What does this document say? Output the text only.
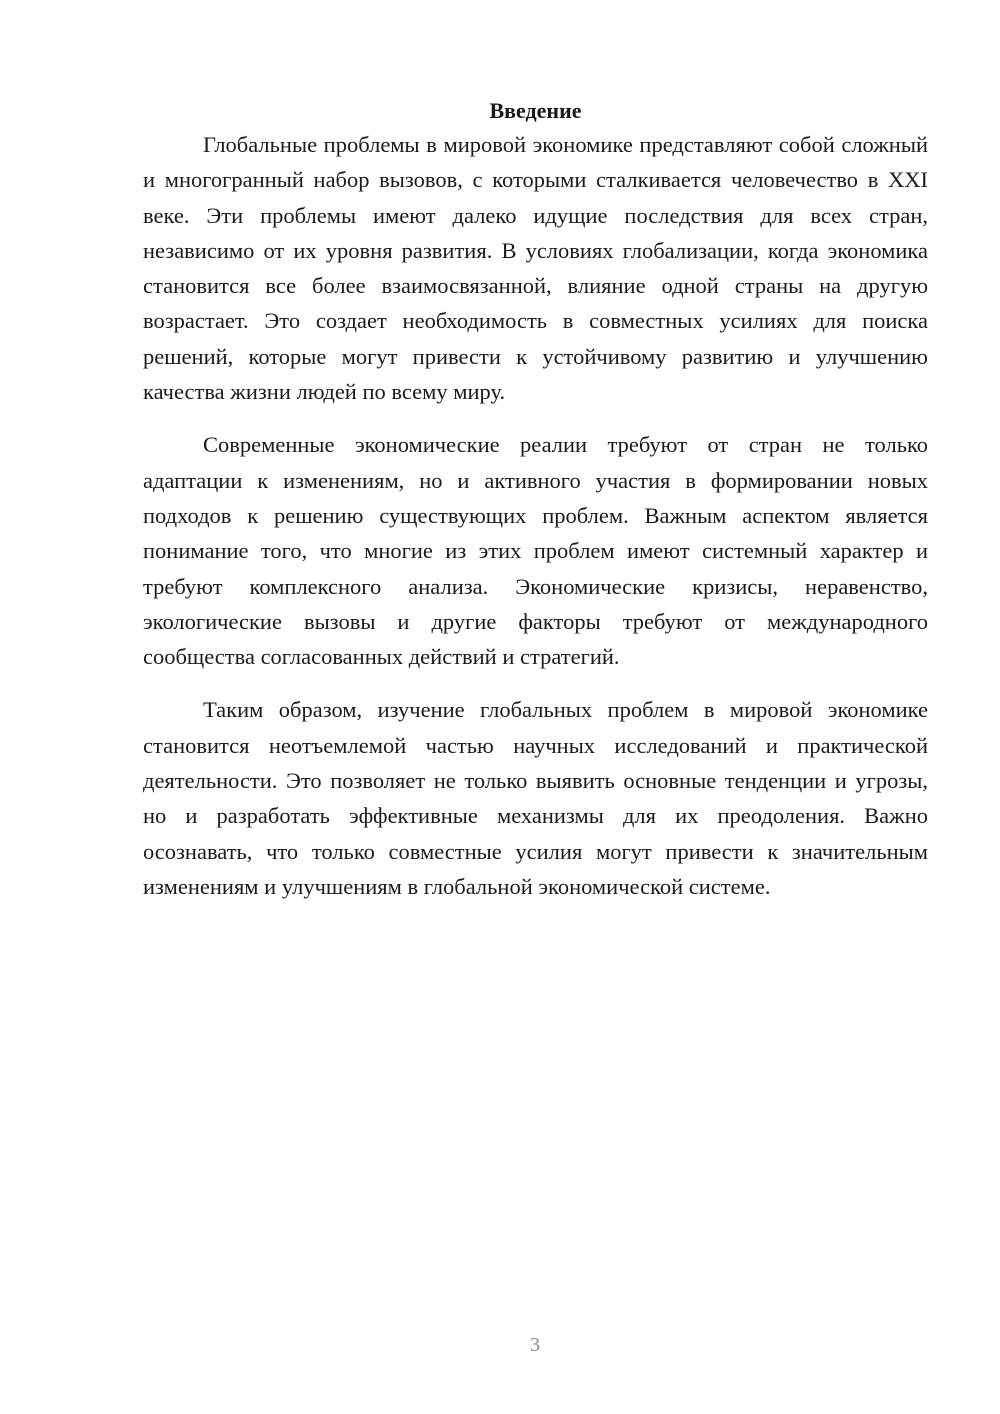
Введение

Глобальные проблемы в мировой экономике представляют собой сложный и многогранный набор вызовов, с которыми сталкивается человечество в XXI веке. Эти проблемы имеют далеко идущие последствия для всех стран, независимо от их уровня развития. В условиях глобализации, когда экономика становится все более взаимосвязанной, влияние одной страны на другую возрастает. Это создает необходимость в совместных усилиях для поиска решений, которые могут привести к устойчивому развитию и улучшению качества жизни людей по всему миру.

Современные экономические реалии требуют от стран не только адаптации к изменениям, но и активного участия в формировании новых подходов к решению существующих проблем. Важным аспектом является понимание того, что многие из этих проблем имеют системный характер и требуют комплексного анализа. Экономические кризисы, неравенство, экологические вызовы и другие факторы требуют от международного сообщества согласованных действий и стратегий.

Таким образом, изучение глобальных проблем в мировой экономике становится неотъемлемой частью научных исследований и практической деятельности. Это позволяет не только выявить основные тенденции и угрозы, но и разработать эффективные механизмы для их преодоления. Важно осознавать, что только совместные усилия могут привести к значительным изменениям и улучшениям в глобальной экономической системе.

3
